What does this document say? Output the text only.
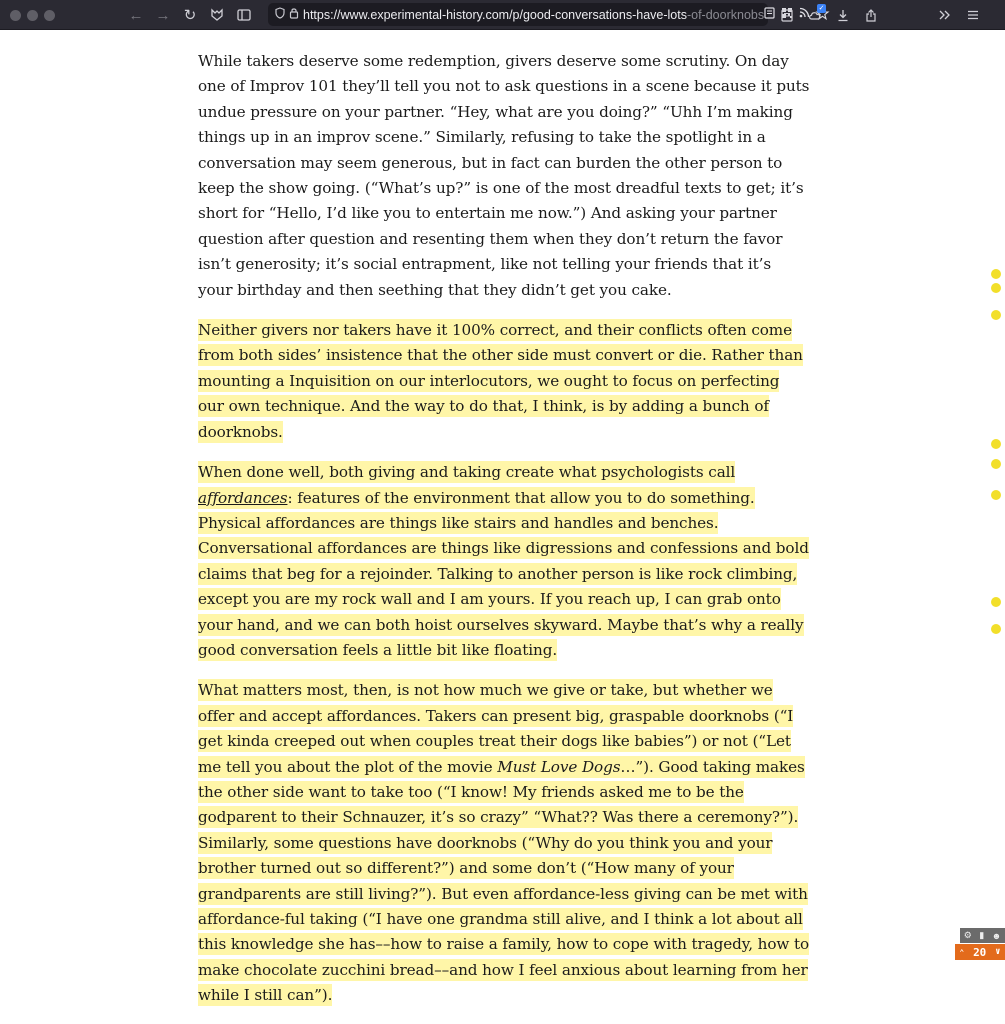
← → ↻	https://www.experimental-history.com/p/good-conversations-have-lots-of-doorknobs	✓

While takers deserve some redemption, givers deserve some scrutiny. On day one of Improv 101 they’ll tell you not to ask questions in a scene because it puts undue pressure on your partner. “Hey, what are you doing?” “Uhh I’m making things up in an improv scene.” Similarly, refusing to take the spotlight in a conversation may seem generous, but in fact can burden the other person to keep the show going. (“What’s up?” is one of the most dreadful texts to get; it’s short for “Hello, I’d like you to entertain me now.”) And asking your partner question after question and resenting them when they don’t return the favor isn’t generosity; it’s social entrapment, like not telling your friends that it’s your birthday and then seething that they didn’t get you cake.

Neither givers nor takers have it 100% correct, and their conflicts often come from both sides’ insistence that the other side must convert or die. Rather than mounting a Inquisition on our interlocutors, we ought to focus on perfecting our own technique. And the way to do that, I think, is by adding a bunch of doorknobs.

When done well, both giving and taking create what psychologists call affordances: features of the environment that allow you to do something. Physical affordances are things like stairs and handles and benches. Conversational affordances are things like digressions and confessions and bold claims that beg for a rejoinder. Talking to another person is like rock climbing, except you are my rock wall and I am yours. If you reach up, I can grab onto your hand, and we can both hoist ourselves skyward. Maybe that’s why a really good conversation feels a little bit like floating.

What matters most, then, is not how much we give or take, but whether we offer and accept affordances. Takers can present big, graspable doorknobs (“I get kinda creeped out when couples treat their dogs like babies”) or not (“Let me tell you about the plot of the movie Must Love Dogs…”). Good taking makes the other side want to take too (“I know! My friends asked me to be the godparent to their Schnauzer, it’s so crazy” “What?? Was there a ceremony?”). Similarly, some questions have doorknobs (“Why do you think you and your brother turned out so different?”) and some don’t (“How many of your grandparents are still living?”). But even affordance-less giving can be met with affordance-ful taking (“I have one grandma still alive, and I think a lot about all this knowledge she has––how to raise a family, how to cope with tragedy, how to make chocolate zucchini bread––and how I feel anxious about learning from her while I still can”).

⚙ ▮ ☻
⌃ 20 ∨
